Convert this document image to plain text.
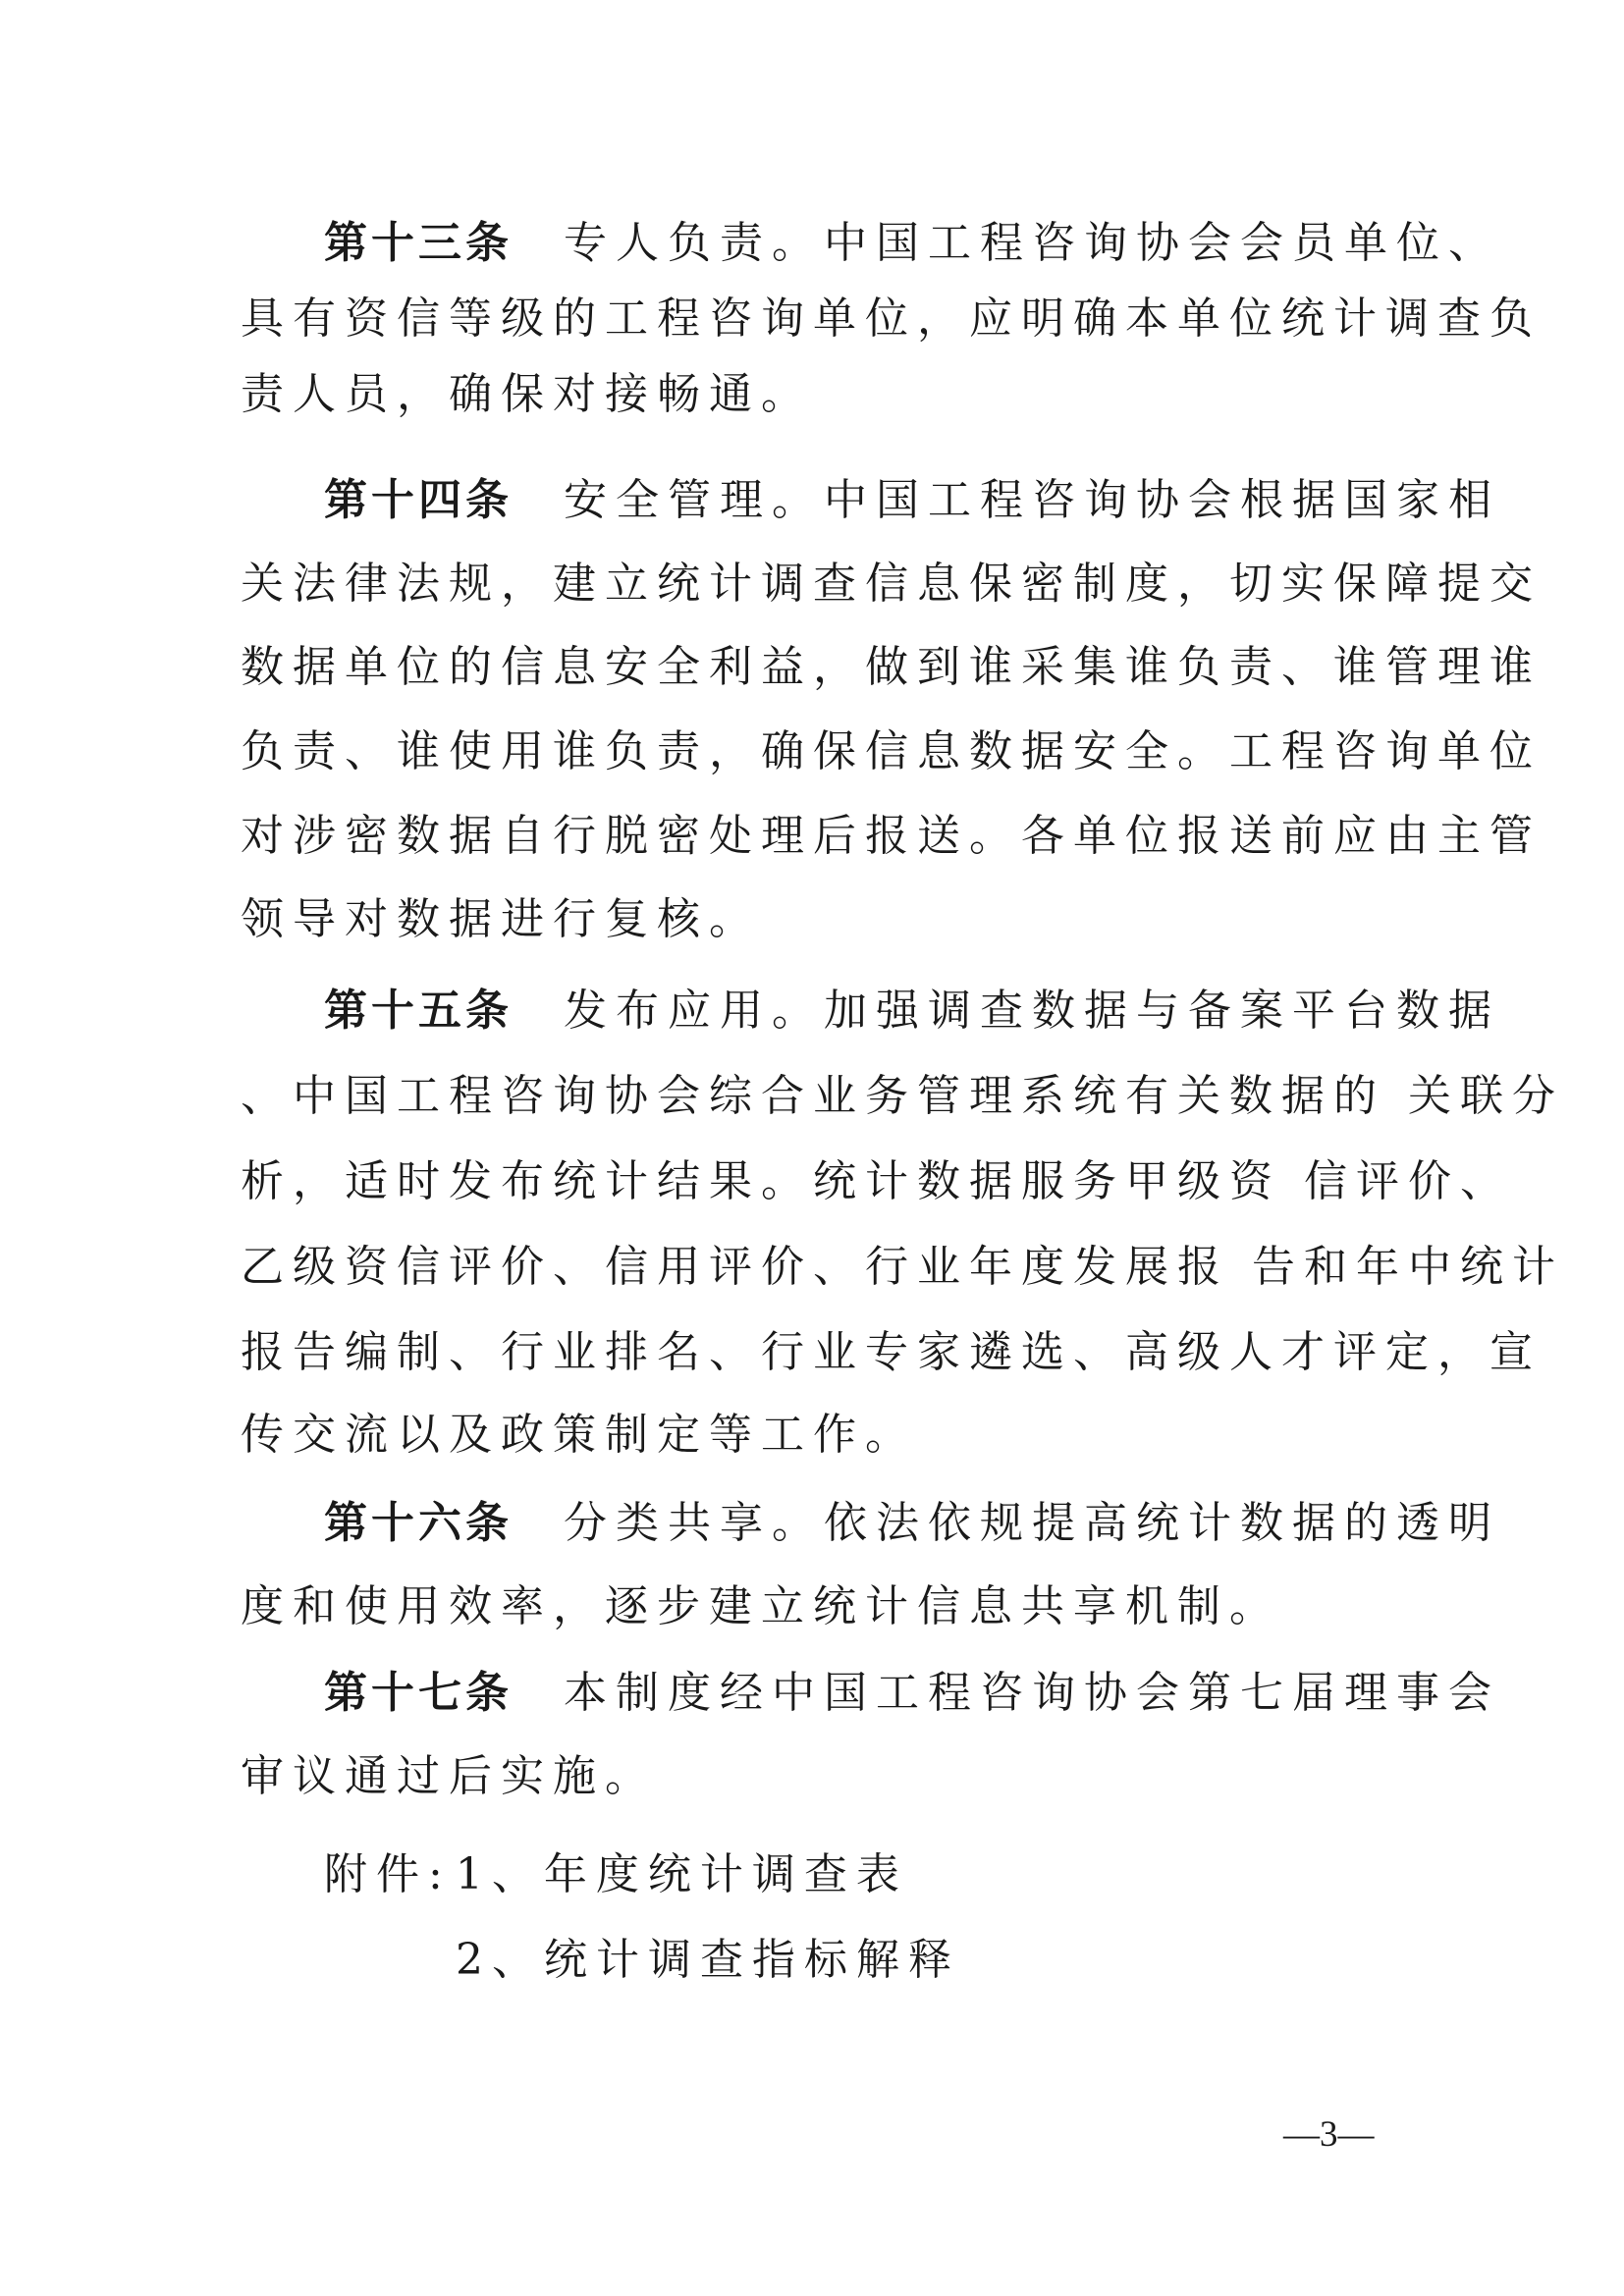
第十三条 专人负责。中国工程咨询协会会员单位、
具有资信等级的工程咨询单位，应明确本单位统计调查负
责人员，确保对接畅通。
第十四条 安全管理。中国工程咨询协会根据国家相
关法律法规，建立统计调查信息保密制度，切实保障提交
数据单位的信息安全利益，做到谁采集谁负责、谁管理谁
负责、谁使用谁负责，确保信息数据安全。工程咨询单位
对涉密数据自行脱密处理后报送。各单位报送前应由主管
领导对数据进行复核。
第十五条 发布应用。加强调查数据与备案平台数据
、中国工程咨询协会综合业务管理系统有关数据的 关联分
析，适时发布统计结果。统计数据服务甲级资 信评价、
乙级资信评价、信用评价、行业年度发展报 告和年中统计
报告编制、行业排名、行业专家遴选、高级人才评定，宣
传交流以及政策制定等工作。
第十六条 分类共享。依法依规提高统计数据的透明
度和使用效率，逐步建立统计信息共享机制。
第十七条 本制度经中国工程咨询协会第七届理事会
审议通过后实施。
附件:1、年度统计调查表
2、统计调查指标解释
—3—
